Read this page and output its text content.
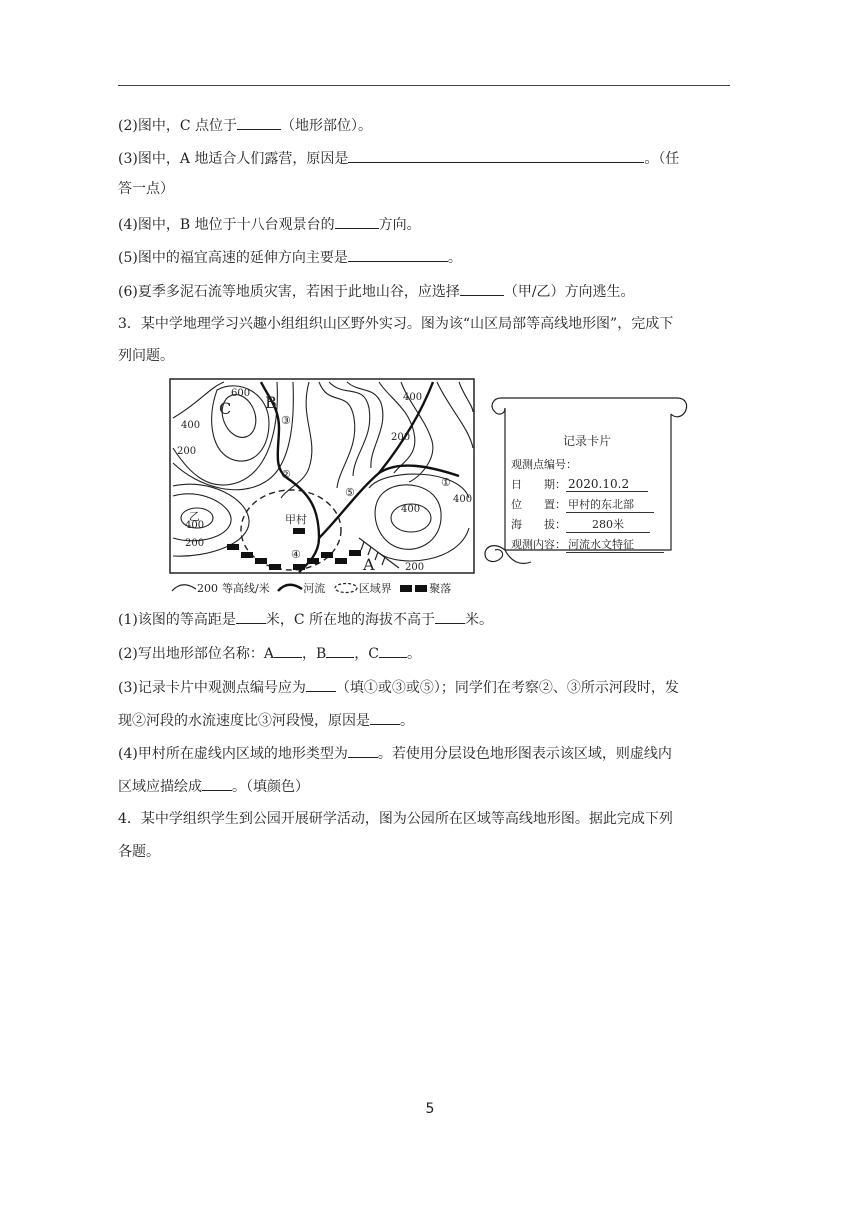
(2)图中，C 点位于	（地形部位）。
(3)图中，A 地适合人们露营，原因是	。（任
答一点）
(4)图中，B 地位于十八台观景台的	方向。
(5)图中的福宜高速的延伸方向主要是	。
(6)夏季多泥石流等地质灾害，若困于此地山谷，应选择	（甲/乙）方向逃生。
3．某中学地理学习兴趣小组组织山区野外实习。图为该“山区局部等高线地形图”，完成下
列问题。
600
400
200
400
200
400
400
400
200
200
C B
A
乙	甲村
①
②
③
④
⑤
200 等高线/米	河流	区域界	聚落
记录卡片
观测点编号：
日　　期： 2020.10.2
位　　置： 甲村的东北部
海　　拔： 280米
观测内容： 河流水文特征
(1)该图的等高距是 米，C 所在地的海拔不高于 米。
(2)写出地形部位名称：A ，B ，C 。
(3)记录卡片中观测点编号应为 （填①或③或⑤）；同学们在考察②、③所示河段时，发
现②河段的水流速度比③河段慢，原因是 。
(4)甲村所在虚线内区域的地形类型为 。若使用分层设色地形图表示该区域，则虚线内
区域应描绘成 。（填颜色）
4．某中学组织学生到公园开展研学活动，图为公园所在区域等高线地形图。据此完成下列
各题。
5
